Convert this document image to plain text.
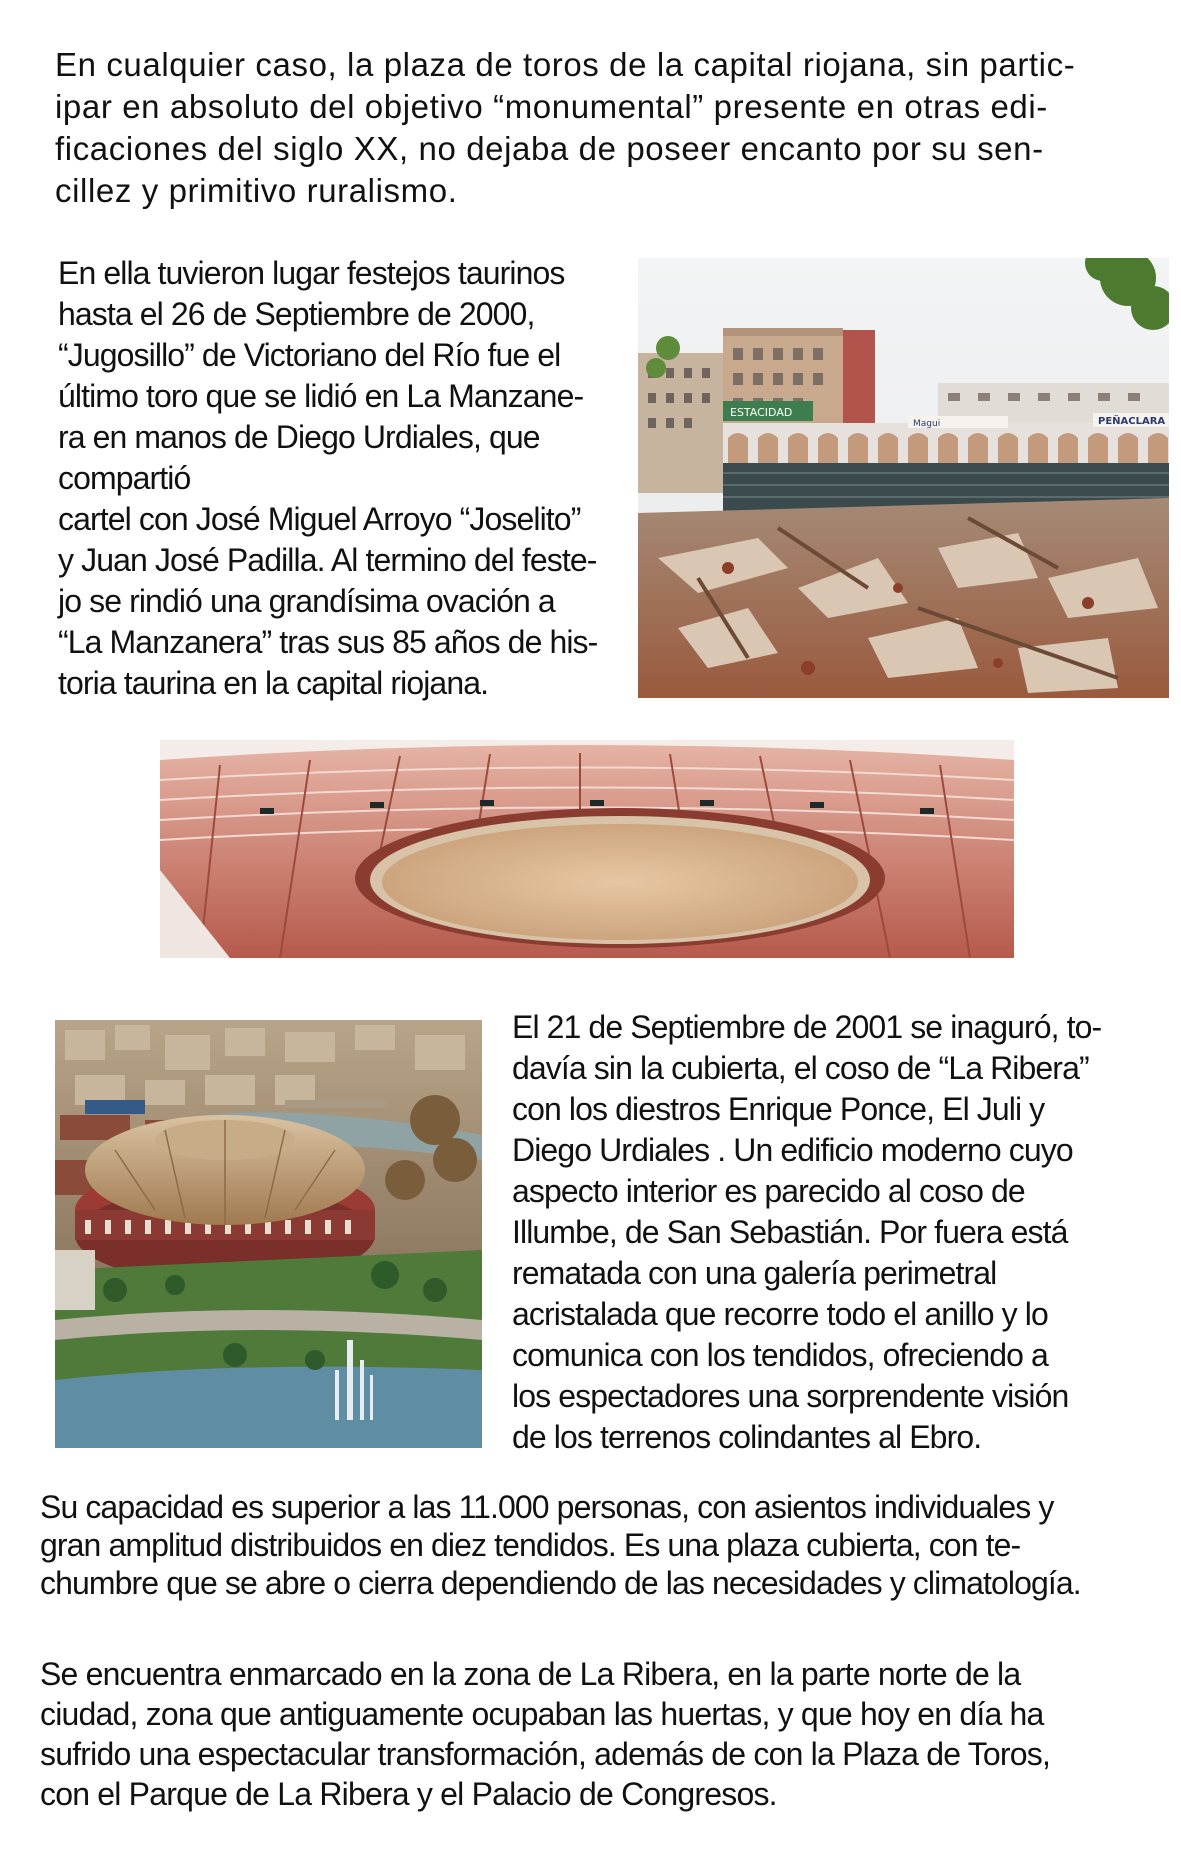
En cualquier caso, la plaza de toros de la capital riojana, sin partic-
ipar en absoluto del objetivo “monumental” presente en otras edi-
ficaciones del siglo XX, no dejaba de poseer encanto por su sen-
cillez y primitivo ruralismo.
En ella tuvieron lugar festejos taurinos
hasta el 26 de Septiembre de 2000,
“Jugosillo” de Victoriano del Río fue el
último toro que se lidió en La Manzane-
ra en manos de Diego Urdiales, que
compartió
cartel con José Miguel Arroyo “Joselito”
y Juan José Padilla. Al termino del feste-
jo se rindió una grandísima ovación a
“La Manzanera” tras sus 85 años de his-
toria taurina en la capital riojana.
ESTACIDAD
Magui	PEÑACLARA
El 21 de Septiembre de 2001 se inaguró, to-
davía sin la cubierta, el coso de “La Ribera”
con los diestros Enrique Ponce, El Juli y
Diego Urdiales . Un edificio moderno cuyo
aspecto interior es parecido al coso de
Illumbe, de San Sebastián. Por fuera está
rematada con una galería perimetral
acristalada que recorre todo el anillo y lo
comunica con los tendidos, ofreciendo a
los espectadores una sorprendente visión
de los terrenos colindantes al Ebro.
Su capacidad es superior a las 11.000 personas, con asientos individuales y
gran amplitud distribuidos en diez tendidos. Es una plaza cubierta, con te-
chumbre que se abre o cierra dependiendo de las necesidades y climatología.
Se encuentra enmarcado en la zona de La Ribera, en la parte norte de la
ciudad, zona que antiguamente ocupaban las huertas, y que hoy en día ha
sufrido una espectacular transformación, además de con la Plaza de Toros,
con el Parque de La Ribera y el Palacio de Congresos.
